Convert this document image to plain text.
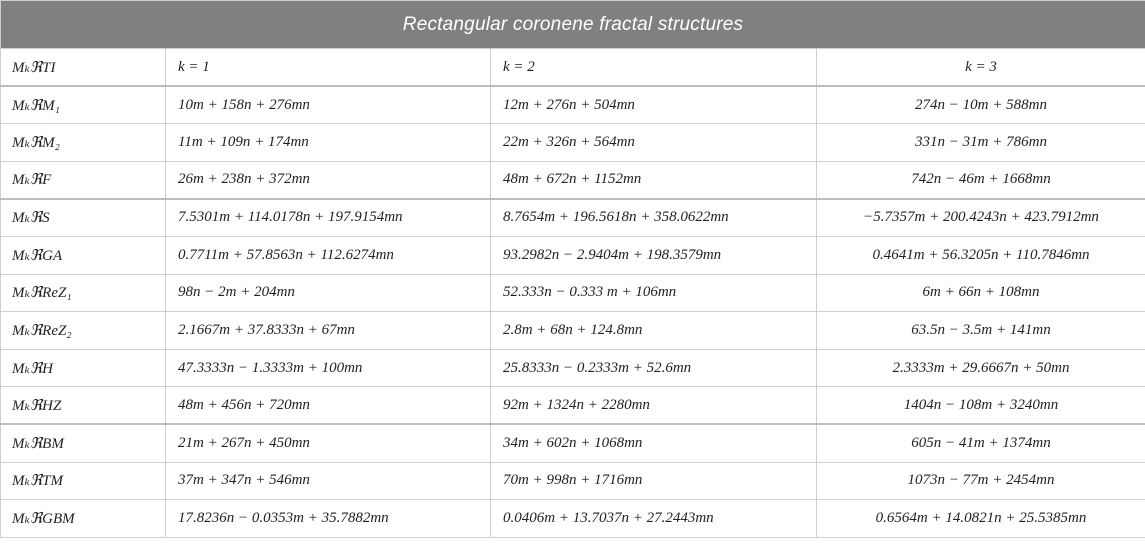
Rectangular coronene fractal structures			
MₖℜTI	k = 1	k = 2	k = 3
MₖℜM₁	10m + 158n + 276mn	12m + 276n + 504mn	274n − 10m + 588mn
MₖℜM₂	11m + 109n + 174mn	22m + 326n + 564mn	331n − 31m + 786mn
MₖℜF	26m + 238n + 372mn	48m + 672n + 1152mn	742n − 46m + 1668mn
MₖℜS	7.5301m + 114.0178n + 197.9154mn	8.7654m + 196.5618n + 358.0622mn	−5.7357m + 200.4243n + 423.7912mn
MₖℜGA	0.7711m + 57.8563n + 112.6274mn	93.2982n − 2.9404m + 198.3579mn	0.4641m + 56.3205n + 110.7846mn
MₖℜReZ₁	98n − 2m + 204mn	52.333n − 0.333 m + 106mn	6m + 66n + 108mn
MₖℜReZ₂	2.1667m + 37.8333n + 67mn	2.8m + 68n + 124.8mn	63.5n − 3.5m + 141mn
MₖℜH	47.3333n − 1.3333m + 100mn	25.8333n − 0.2333m + 52.6mn	2.3333m + 29.6667n + 50mn
MₖℜHZ	48m + 456n + 720mn	92m + 1324n + 2280mn	1404n − 108m + 3240mn
MₖℜBM	21m + 267n + 450mn	34m + 602n + 1068mn	605n − 41m + 1374mn
MₖℜTM	37m + 347n + 546mn	70m + 998n + 1716mn	1073n − 77m + 2454mn
MₖℜGBM	17.8236n − 0.0353m + 35.7882mn	0.0406m + 13.7037n + 27.2443mn	0.6564m + 14.0821n + 25.5385mn
